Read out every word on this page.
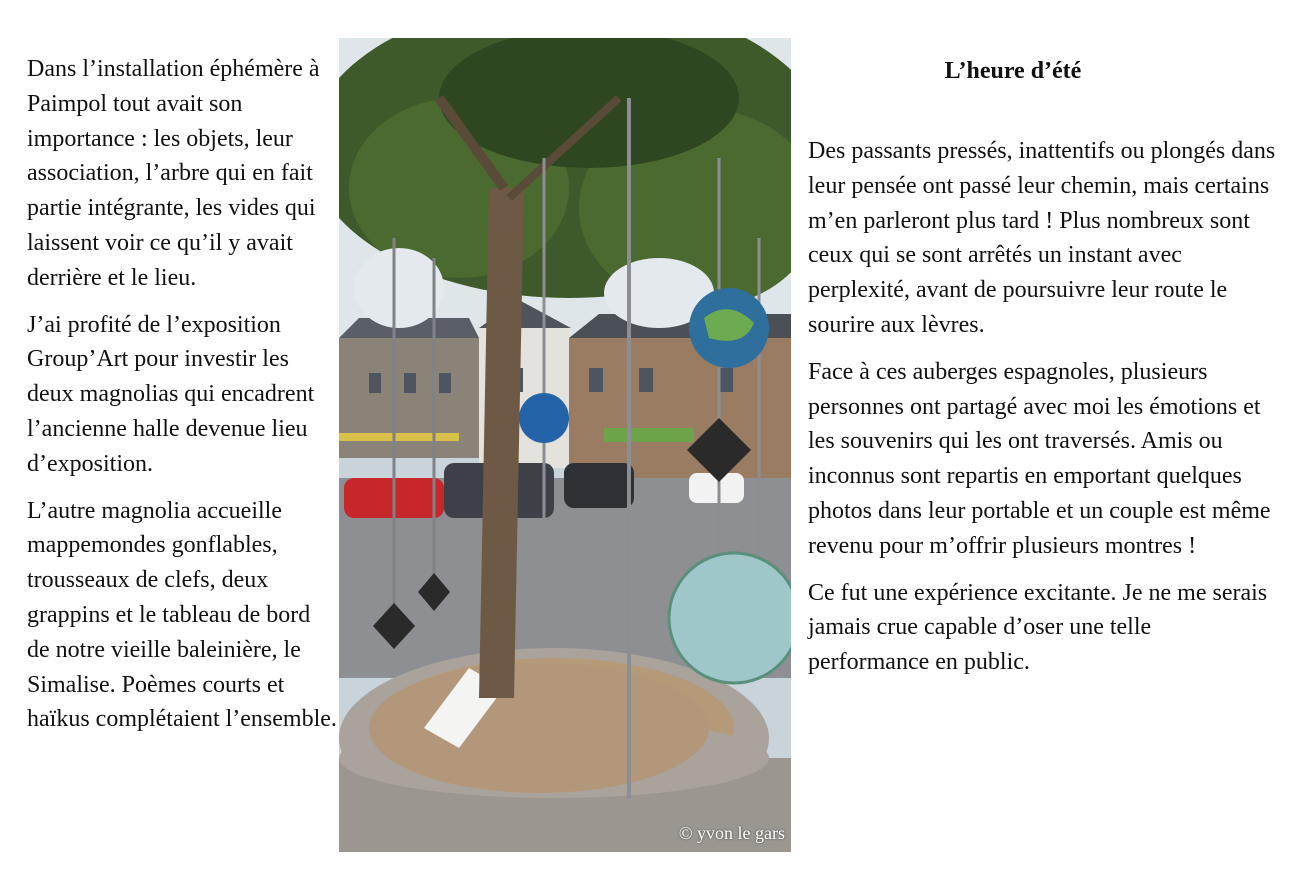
Dans l’installation éphémère à Paimpol tout avait son importance : les objets, leur association, l’arbre qui en fait partie intégrante, les vides qui laissent voir ce qu’il y avait derrière et le lieu.

J’ai profité de l’exposition Group’Art pour investir les deux magnolias qui encadrent l’ancienne halle devenue lieu d’exposition.

L’autre magnolia accueille mappemondes gonflables, trousseaux de clefs, deux grappins et le tableau de bord de notre vieille baleinière, le Simalise. Poèmes courts et haïkus complétaient l’ensemble.

© yvon le gars
L’heure d’été

Des passants pressés, inattentifs ou plongés dans leur pensée ont passé leur chemin, mais certains m’en parleront plus tard ! Plus nombreux sont ceux qui se sont arrêtés un instant avec perplexité, avant de poursuivre leur route le sourire aux lèvres.

Face à ces auberges espagnoles, plusieurs personnes ont partagé avec moi les émotions et les souvenirs qui les ont traversés. Amis ou inconnus sont repartis en emportant quelques photos dans leur portable et un couple est même revenu pour m’offrir plusieurs montres !

Ce fut une expérience excitante. Je ne me serais jamais crue capable d’oser une telle performance en public.
